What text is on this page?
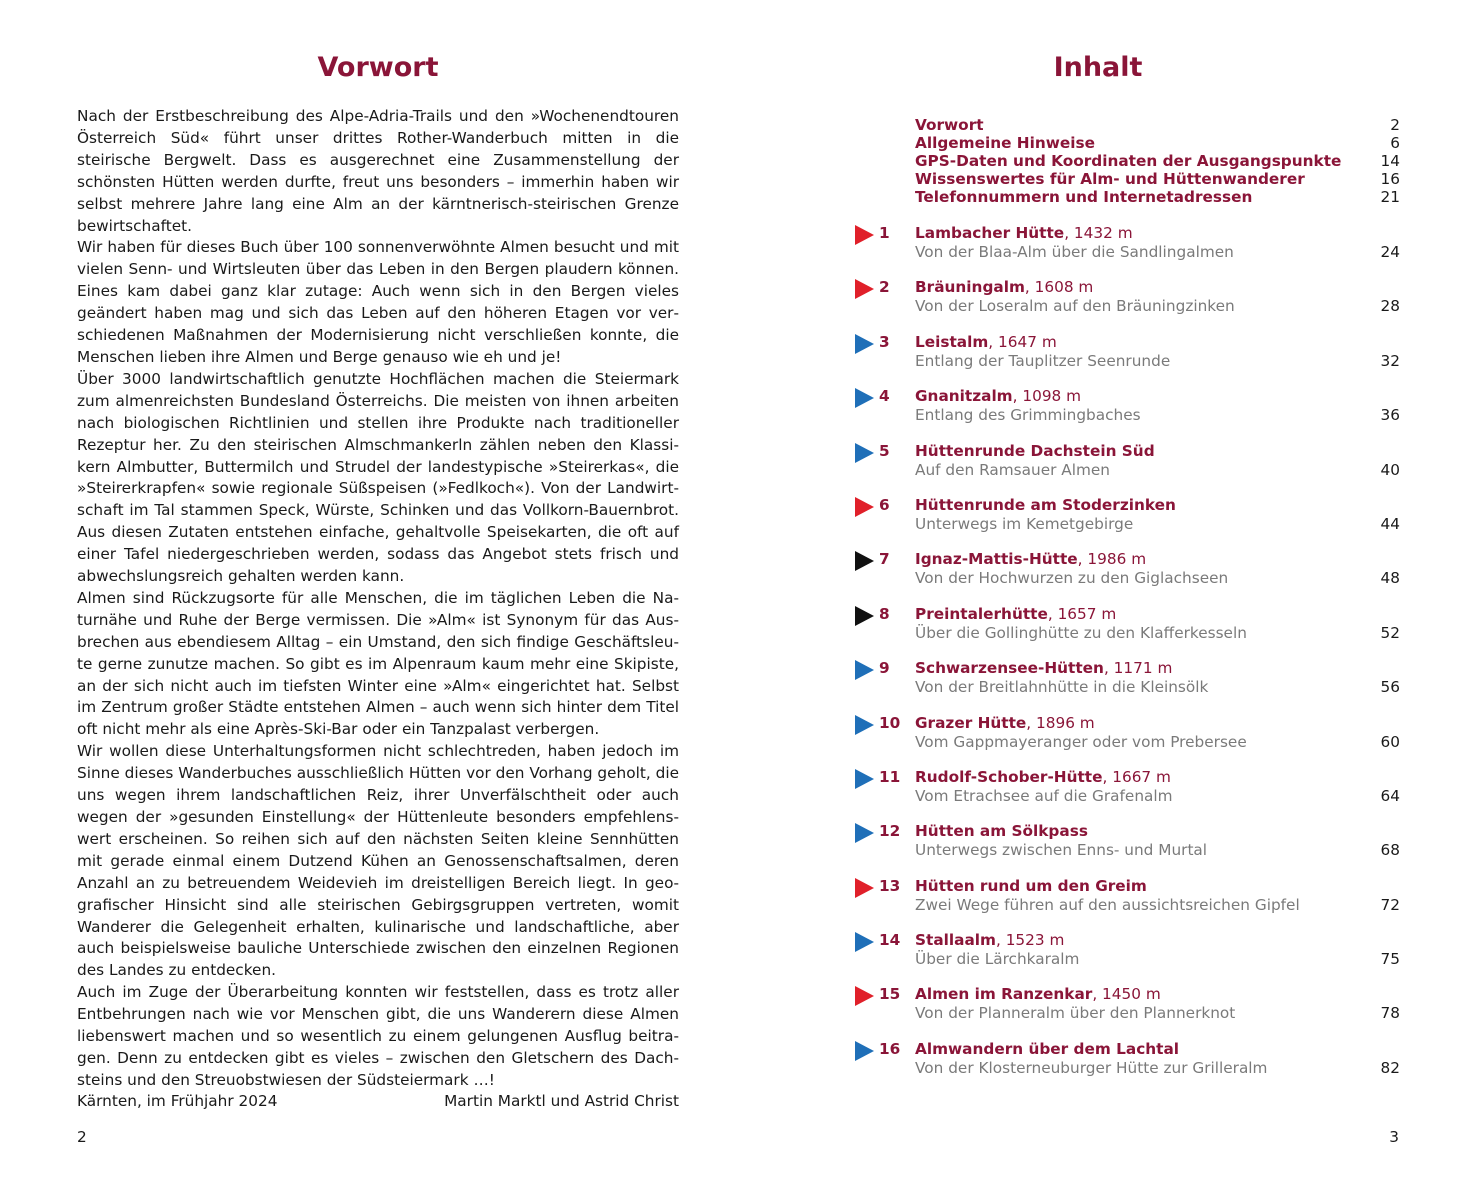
Vorwort

Nach der Erstbeschreibung des Alpe-Adria-Trails und den »Wochenendtouren Österreich Süd« führt unser drittes Rother-Wanderbuch mitten in die steirische Bergwelt. Dass es ausgerechnet eine Zusammenstellung der schönsten Hütten werden durfte, freut uns besonders – immerhin haben wir selbst mehrere Jahre lang eine Alm an der kärntnerisch-steirischen Grenze bewirtschaftet.

Wir haben für dieses Buch über 100 sonnenverwöhnte Almen besucht und mit vielen Senn- und Wirtsleuten über das Leben in den Bergen plaudern können. Eines kam dabei ganz klar zutage: Auch wenn sich in den Bergen vieles geändert haben mag und sich das Leben auf den höheren Etagen vor verschiedenen Maßnahmen der Modernisierung nicht verschließen konnte, die Menschen lieben ihre Almen und Berge genauso wie eh und je!

Über 3000 landwirtschaftlich genutzte Hochflächen machen die Steiermark zum almenreichsten Bundesland Österreichs. Die meisten von ihnen arbeiten nach biologischen Richtlinien und stellen ihre Produkte nach traditioneller Rezeptur her. Zu den steirischen Almschmankerln zählen neben den Klassikern Almbutter, Buttermilch und Strudel der landestypische »Steirerkas«, die »Steirerkrapfen« sowie regionale Süßspeisen (»Fedlkoch«). Von der Landwirtschaft im Tal stammen Speck, Würste, Schinken und das Vollkorn-Bauernbrot. Aus diesen Zutaten entstehen einfache, gehaltvolle Speisekarten, die oft auf einer Tafel niedergeschrieben werden, sodass das Angebot stets frisch und abwechslungsreich gehalten werden kann.

Almen sind Rückzugsorte für alle Menschen, die im täglichen Leben die Naturnähe und Ruhe der Berge vermissen. Die »Alm« ist Synonym für das Ausbrechen aus ebendiesem Alltag – ein Umstand, den sich findige Geschäftsleute gerne zunutze machen. So gibt es im Alpenraum kaum mehr eine Skipiste, an der sich nicht auch im tiefsten Winter eine »Alm« eingerichtet hat. Selbst im Zentrum großer Städte entstehen Almen – auch wenn sich hinter dem Titel oft nicht mehr als eine Après-Ski-Bar oder ein Tanzpalast verbergen.

Wir wollen diese Unterhaltungsformen nicht schlechtreden, haben jedoch im Sinne dieses Wanderbuches ausschließlich Hütten vor den Vorhang geholt, die uns wegen ihrem landschaftlichen Reiz, ihrer Unverfälschtheit oder auch wegen der »gesunden Einstellung« der Hüttenleute besonders empfehlenswert erscheinen. So reihen sich auf den nächsten Seiten kleine Sennhütten mit gerade einmal einem Dutzend Kühen an Genossenschaftsalmen, deren Anzahl an zu betreuendem Weidevieh im dreistelligen Bereich liegt. In geografischer Hinsicht sind alle steirischen Gebirgsgruppen vertreten, womit Wanderer die Gelegenheit erhalten, kulinarische und landschaftliche, aber auch beispielsweise bauliche Unterschiede zwischen den einzelnen Regionen des Landes zu entdecken.

Auch im Zuge der Überarbeitung konnten wir feststellen, dass es trotz aller Entbehrungen nach wie vor Menschen gibt, die uns Wanderern diese Almen liebenswert machen und so wesentlich zu einem gelungenen Ausflug beitragen. Denn zu entdecken gibt es vieles – zwischen den Gletschern des Dachsteins und den Streuobstwiesen der Südsteiermark …!

Kärnten, im Frühjahr 2024	Martin Marktl und Astrid Christ
2
Inhalt
Vorwort	2
Allgemeine Hinweise	6
GPS-Daten und Koordinaten der Ausgangspunkte	14
Wissenswertes für Alm- und Hüttenwanderer	16
Telefonnummern und Internetadressen	21
1	Lambacher Hütte, 1432 m
Von der Blaa-Alm über die Sandlingalmen	24
2	Bräuningalm, 1608 m
Von der Loseralm auf den Bräuningzinken	28
3	Leistalm, 1647 m
Entlang der Tauplitzer Seenrunde	32
4	Gnanitzalm, 1098 m
Entlang des Grimmingbaches	36
5	Hüttenrunde Dachstein Süd
Auf den Ramsauer Almen	40
6	Hüttenrunde am Stoderzinken
Unterwegs im Kemetgebirge	44
7	Ignaz-Mattis-Hütte, 1986 m
Von der Hochwurzen zu den Giglachseen	48
8	Preintalerhütte, 1657 m
Über die Gollinghütte zu den Klafferkesseln	52
9	Schwarzensee-Hütten, 1171 m
Von der Breitlahnhütte in die Kleinsölk	56
10 Grazer Hütte, 1896 m
Vom Gappmayeranger oder vom Prebersee	60
11 Rudolf-Schober-Hütte, 1667 m
Vom Etrachsee auf die Grafenalm	64
12 Hütten am Sölkpass
Unterwegs zwischen Enns- und Murtal	68
13 Hütten rund um den Greim
Zwei Wege führen auf den aussichtsreichen Gipfel	72
14 Stallaalm, 1523 m
Über die Lärchkaralm	75
15 Almen im Ranzenkar, 1450 m
Von der Planneralm über den Plannerknot	78
16 Almwandern über dem Lachtal
Von der Klosterneuburger Hütte zur Grilleralm	82
3
